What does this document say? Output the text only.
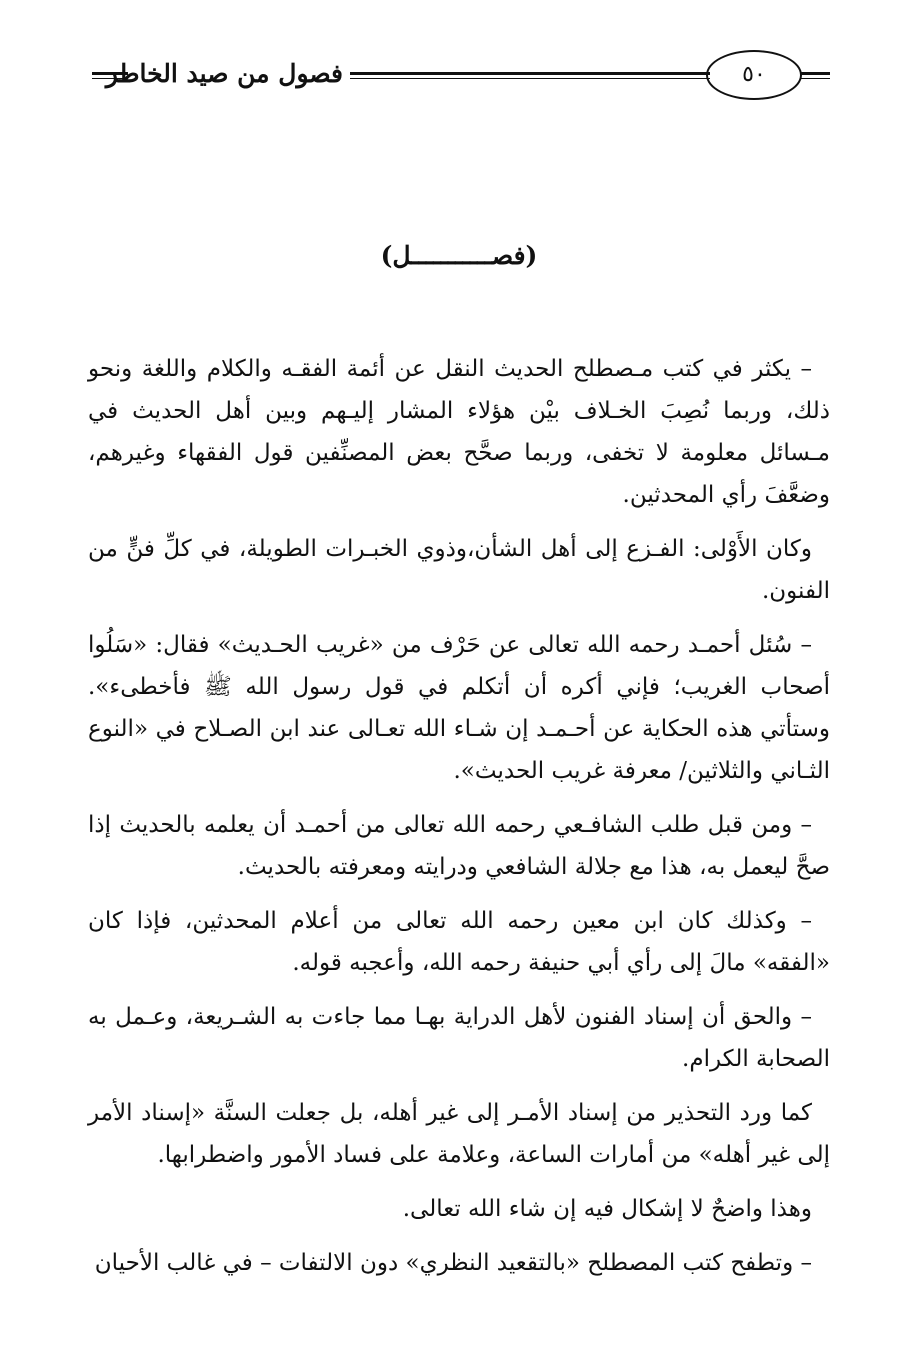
فصول من صيد الخاطر	٥٠
(فصـــــــــــل)

– يكثر في كتب مـصطلح الحديث النقل عن أئمة الفقـه والكلام واللغة ونحو ذلك، وربما نُصِبَ الخـلاف بيْن هؤلاء المشار إليـهم وبين أهل الحديث في مـسائل معلومة لا تخفى، وربما صحَّح بعض المصنِّفين قول الفقهاء وغيرهم، وضعَّفَ رأي المحدثين.

وكان الأَوْلى: الفـزع إلى أهل الشأن،وذوي الخبـرات الطويلة، في كلِّ فنٍّ من الفنون.

– سُئل أحمـد رحمه الله تعالى عن حَرْف من «غريب الحـديث» فقال: «سَلُوا أصحاب الغريب؛ فإني أكره أن أتكلم في قول رسول الله ﷺ فأخطىء». وستأتي هذه الحكاية عن أحـمـد إن شـاء الله تعـالى عند ابن الصـلاح في «النوع الثـاني والثلاثين/ معرفة غريب الحديث».

– ومن قبل طلب الشافـعي رحمه الله تعالى من أحمـد أن يعلمه بالحديث إذا صحَّ ليعمل به، هذا مع جلالة الشافعي ودرايته ومعرفته بالحديث.

– وكذلك كان ابن معين رحمه الله تعالى من أعلام المحدثين، فإذا كان «الفقه» مالَ إلى رأي أبي حنيفة رحمه الله، وأعجبه قوله.

– والحق أن إسناد الفنون لأهل الدراية بهـا مما جاءت به الشـريعة، وعـمل به الصحابة الكرام.

كما ورد التحذير من إسناد الأمـر إلى غير أهله، بل جعلت السنَّة «إسناد الأمر إلى غير أهله» من أمارات الساعة، وعلامة على فساد الأمور واضطرابها.

وهذا واضحٌ لا إشكال فيه إن شاء الله تعالى.

– وتطفح كتب المصطلح «بالتقعيد النظري» دون الالتفات – في غالب الأحيان
